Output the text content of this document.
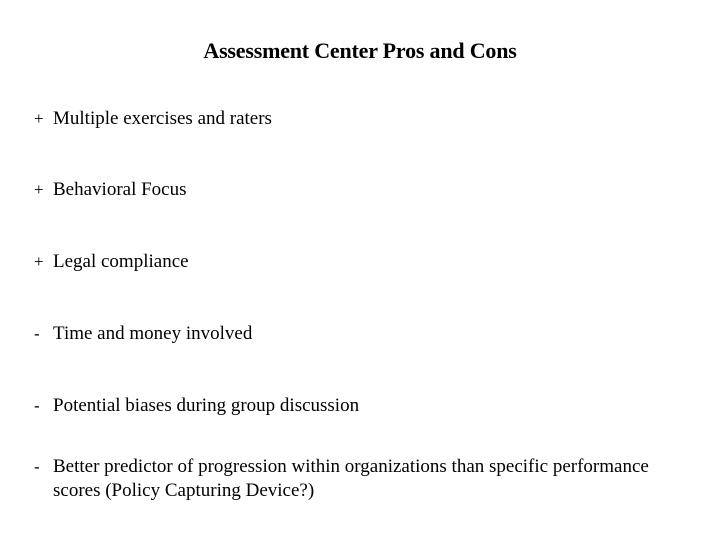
Assessment Center Pros and Cons
+ Multiple exercises and raters
+ Behavioral Focus
+ Legal compliance
- Time and money involved
- Potential biases during group discussion
- Better predictor of progression within organizations than specific performance scores (Policy Capturing Device?)
